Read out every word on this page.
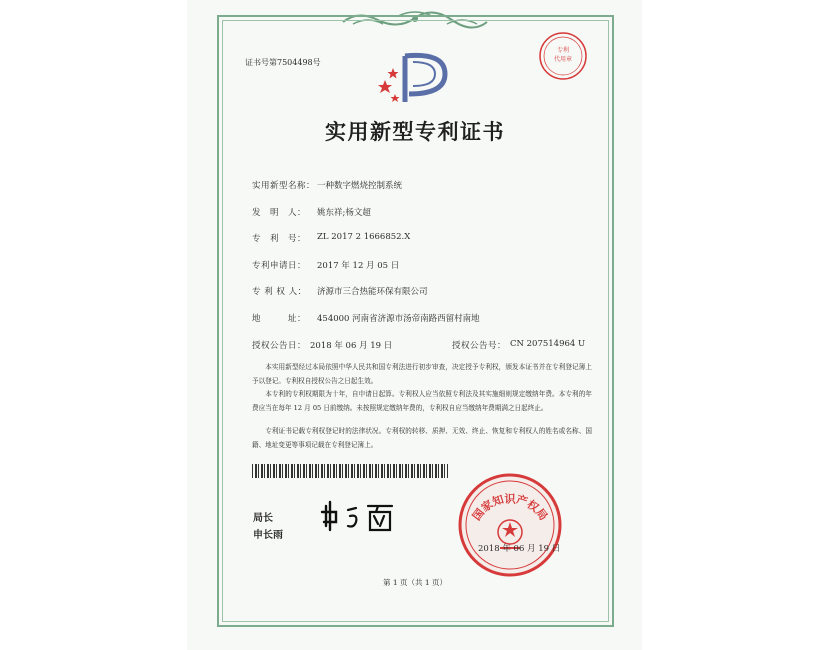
证书号第7504498号
专利
代用章
实用新型专利证书
实用新型名称： 一种数字燃烧控制系统
发　明　人： 姚东祥;杨文超
专　利　号： ZL 2017 2 1666852.X
专利申请日： 2017 年 12 月 05 日
专 利 权 人： 济源市三合热能环保有限公司
地　　　址： 454000 河南省济源市汤帝南路西留村南地
授权公告日： 2018 年 06 月 19 日	授权公告号： CN 207514964 U

本实用新型经过本局依照中华人民共和国专利法进行初步审查，决定授予专利权，颁发本证书并在专利登记簿上予以登记。专利权自授权公告之日起生效。

本专利的专利权期限为十年，自申请日起算。专利权人应当依照专利法及其实施细则规定缴纳年费。本专利的年费应当在每年 12 月 05 日前缴纳。未按照规定缴纳年费的，专利权自应当缴纳年费期满之日起终止。

专利证书记载专利权登记时的法律状况。专利权的转移、质押、无效、终止、恢复和专利权人的姓名或名称、国籍、地址变更等事项记载在专利登记簿上。

局长
申长雨
国家知识产权局
2018 年 06 月 19 日
第 1 页（共 1 页）
